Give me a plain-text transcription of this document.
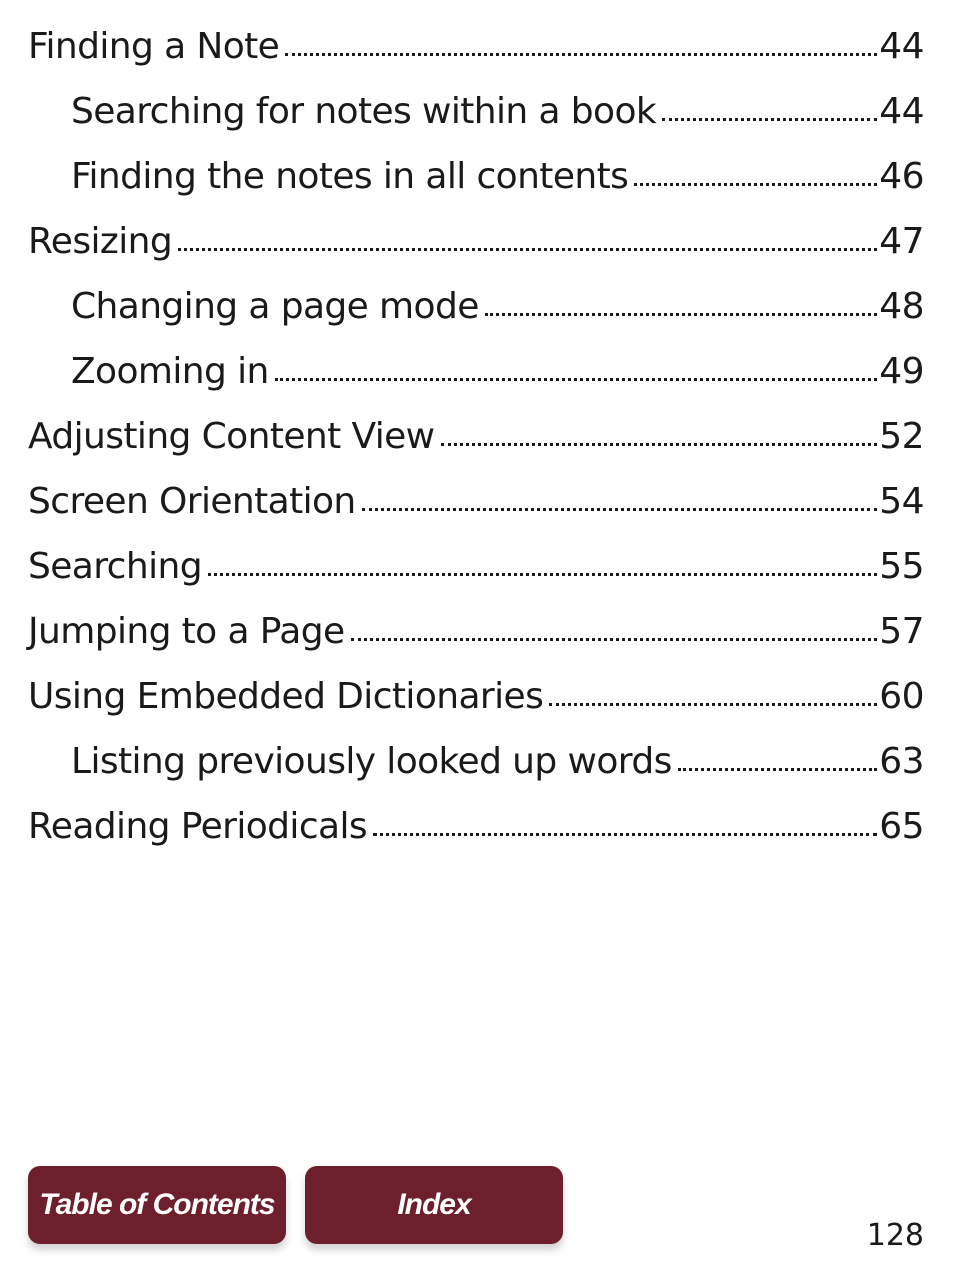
Finding a Note	44
Searching for notes within a book	44
Finding the notes in all contents	46
Resizing	47
Changing a page mode	48
Zooming in	49
Adjusting Content View	52
Screen Orientation	54
Searching	55
Jumping to a Page	57
Using Embedded Dictionaries	60
Listing previously looked up words	63
Reading Periodicals	65
Table of Contents	Index
128
